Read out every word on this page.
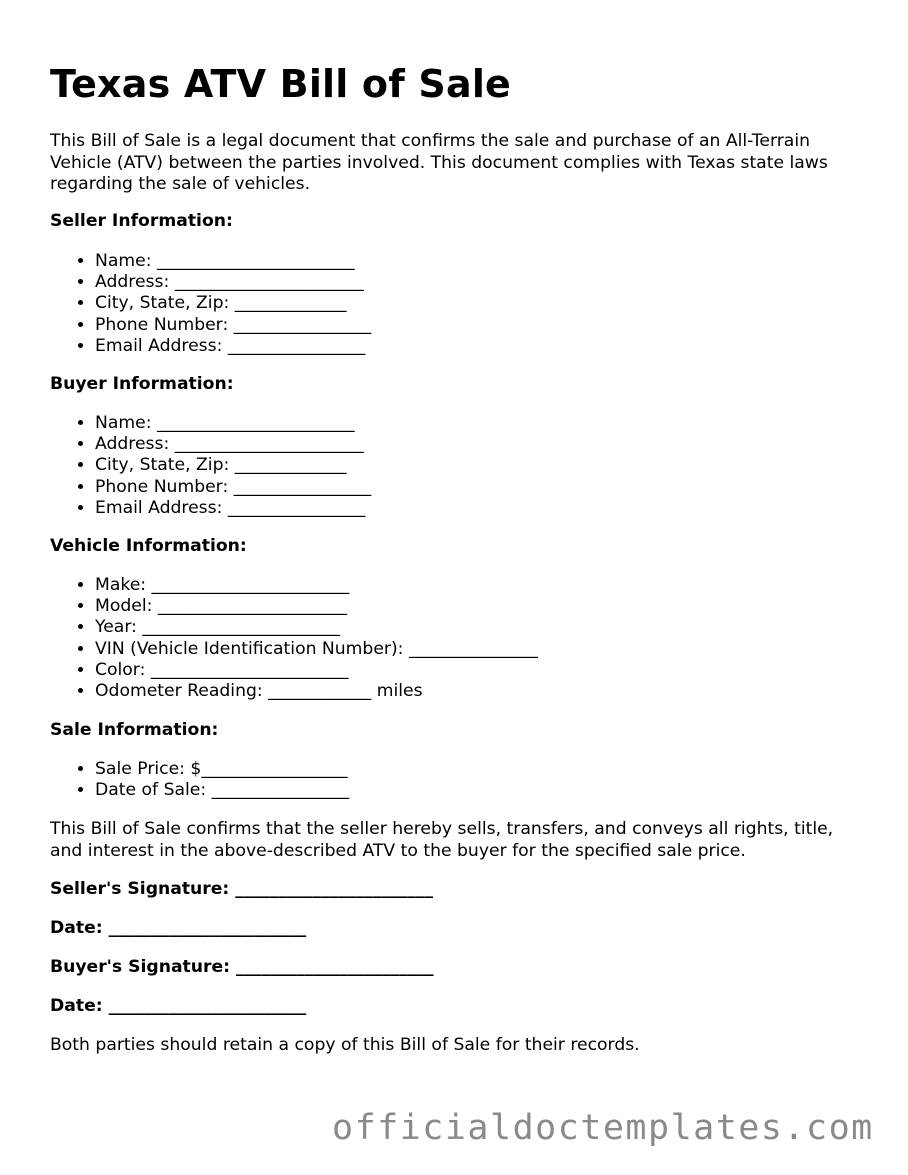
Texas ATV Bill of Sale

This Bill of Sale is a legal document that confirms the sale and purchase of an All-Terrain Vehicle (ATV) between the parties involved. This document complies with Texas state laws regarding the sale of vehicles.

Seller Information:

• Name: _______________________
• Address: ______________________
• City, State, Zip: _____________
• Phone Number: ________________
• Email Address: ________________

Buyer Information:

• Name: _______________________
• Address: ______________________
• City, State, Zip: _____________
• Phone Number: ________________
• Email Address: ________________

Vehicle Information:

• Make: _______________________
• Model: ______________________
• Year: _______________________
• VIN (Vehicle Identification Number): _______________
• Color: _______________________
• Odometer Reading: ____________ miles

Sale Information:

• Sale Price: $_________________
• Date of Sale: ________________

This Bill of Sale confirms that the seller hereby sells, transfers, and conveys all rights, title, and interest in the above-described ATV to the buyer for the specified sale price.

Seller's Signature: _______________________

Date: _______________________

Buyer's Signature: _______________________

Date: _______________________

Both parties should retain a copy of this Bill of Sale for their records.

officialdoctemplates.com
